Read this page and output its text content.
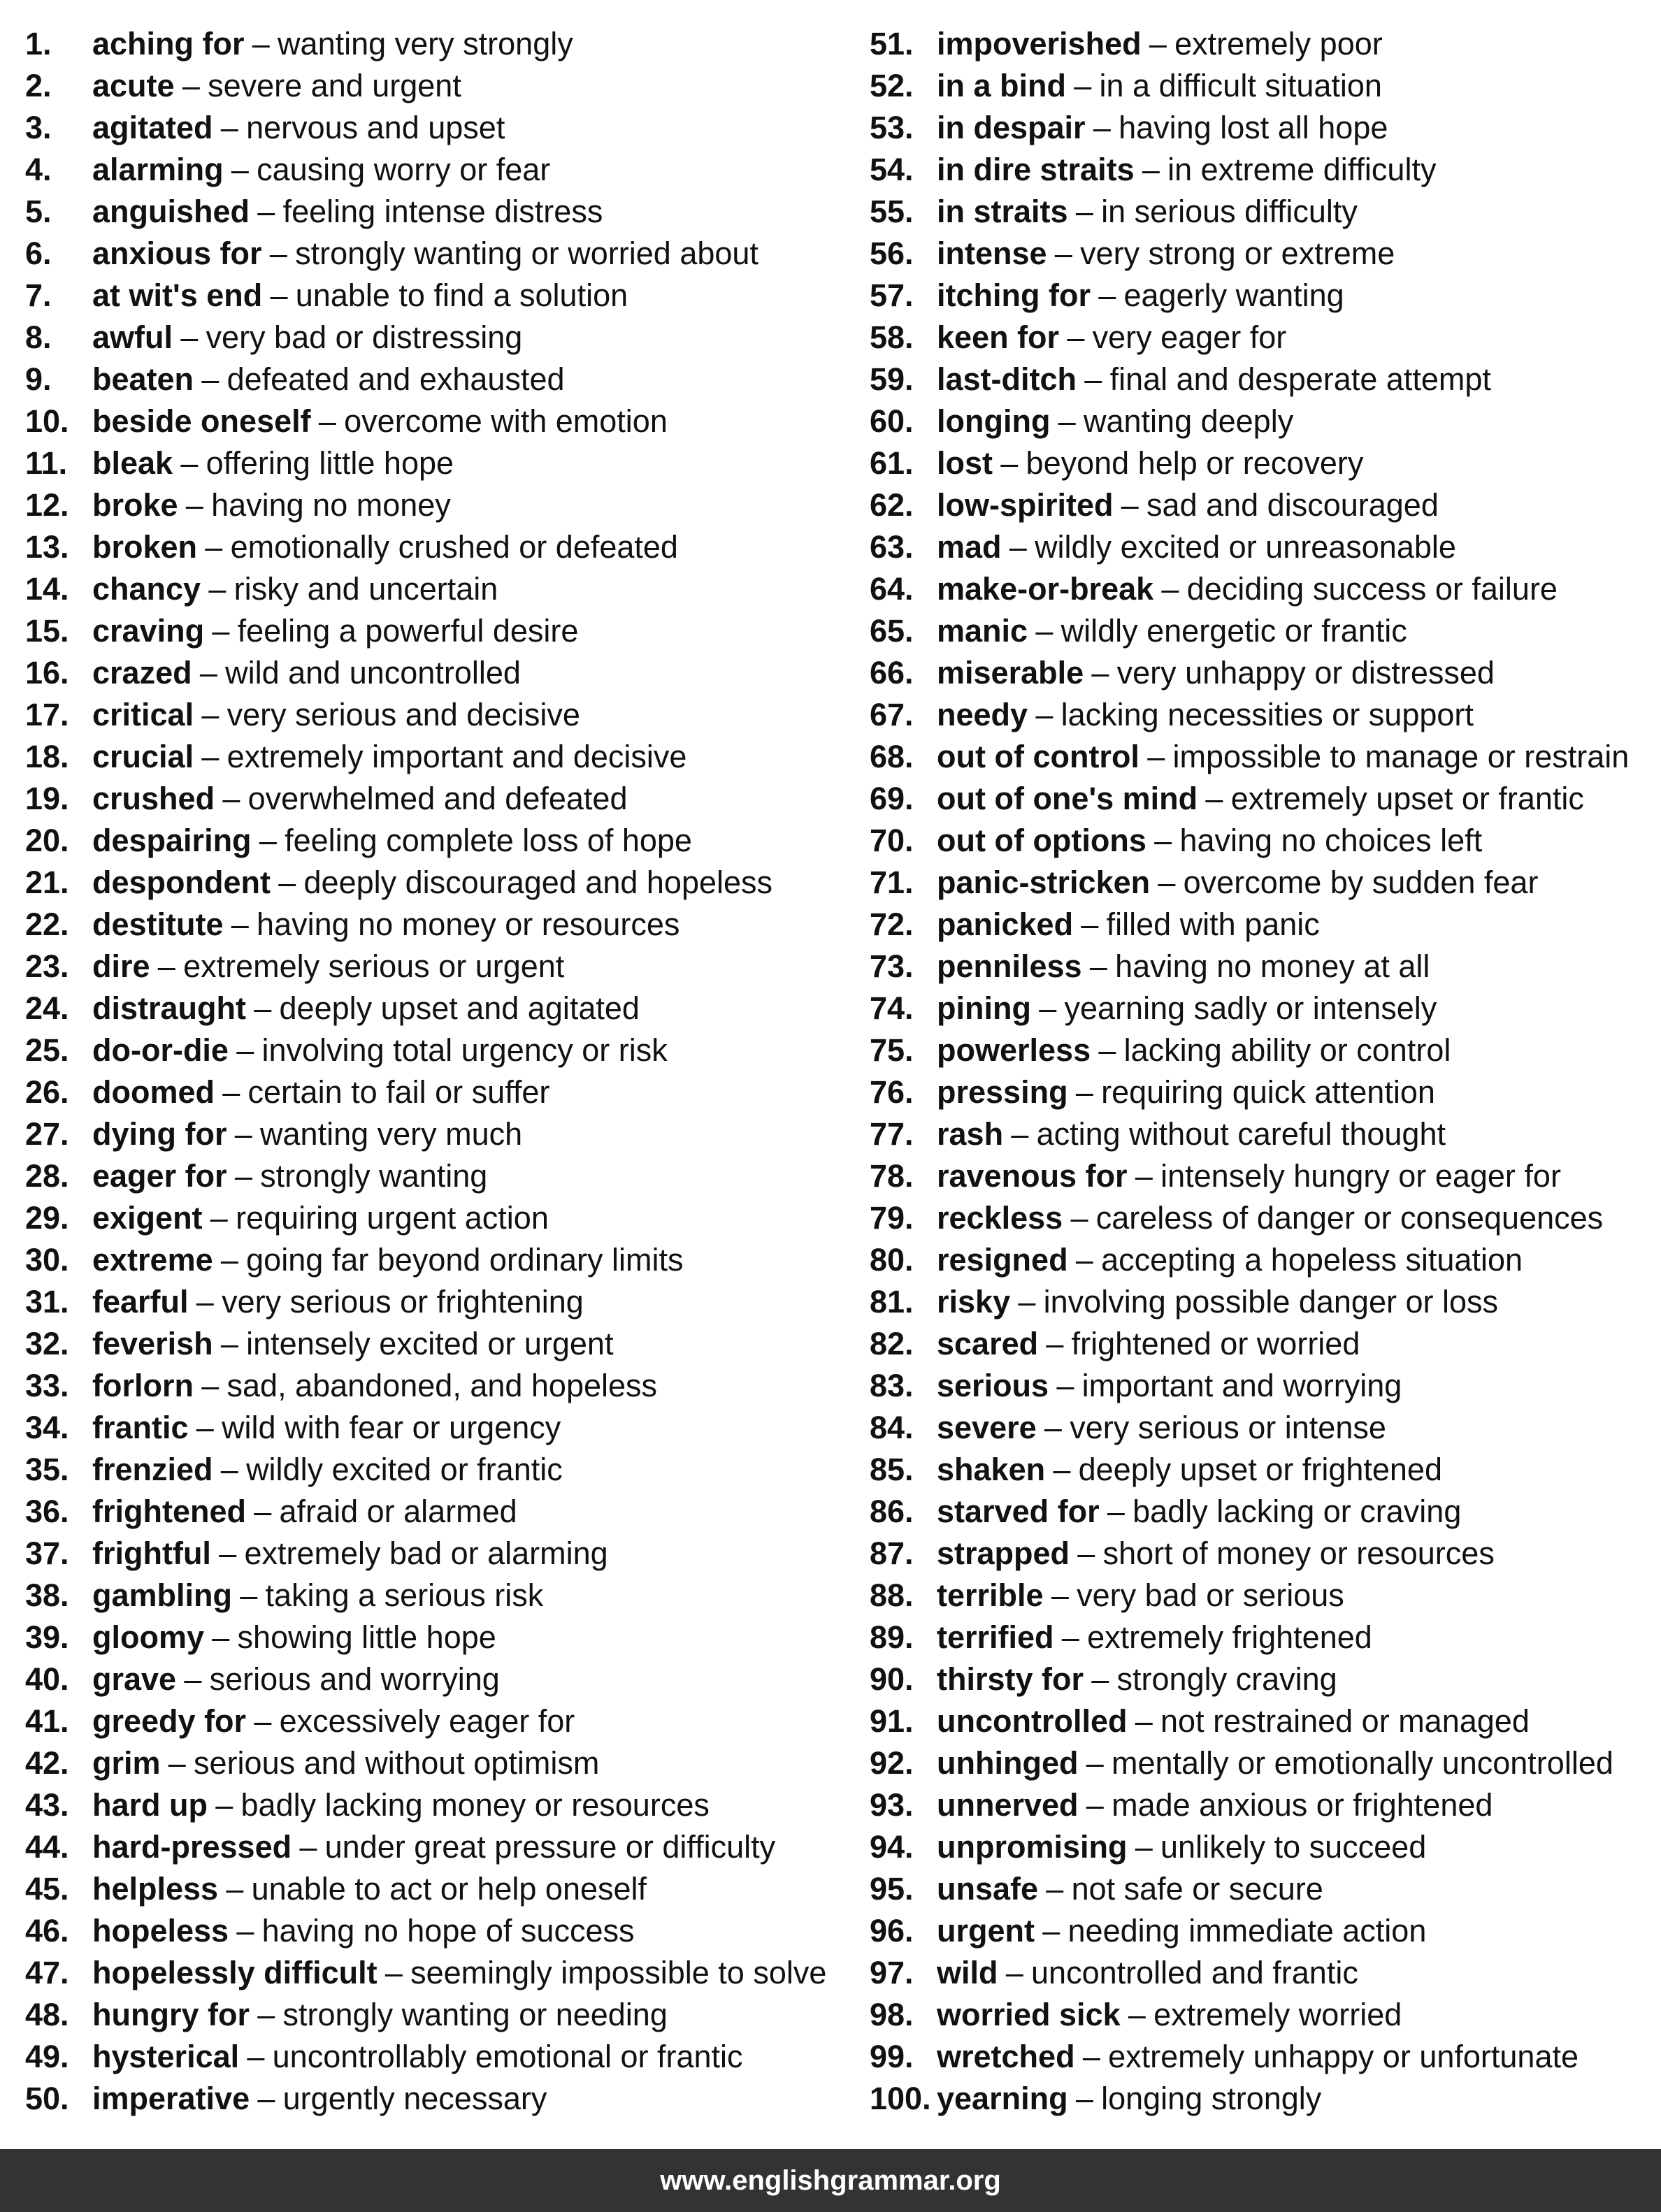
1.	aching for – wanting very strongly
2.	acute – severe and urgent
3.	agitated – nervous and upset
4.	alarming – causing worry or fear
5.	anguished – feeling intense distress
6.	anxious for – strongly wanting or worried about
7.	at wit's end – unable to find a solution
8.	awful – very bad or distressing
9.	beaten – defeated and exhausted
10. beside oneself – overcome with emotion
11. bleak – offering little hope
12. broke – having no money
13. broken – emotionally crushed or defeated
14. chancy – risky and uncertain
15. craving – feeling a powerful desire
16. crazed – wild and uncontrolled
17. critical – very serious and decisive
18. crucial – extremely important and decisive
19. crushed – overwhelmed and defeated
20. despairing – feeling complete loss of hope
21. despondent – deeply discouraged and hopeless
22. destitute – having no money or resources
23. dire – extremely serious or urgent
24. distraught – deeply upset and agitated
25. do-or-die – involving total urgency or risk
26. doomed – certain to fail or suffer
27. dying for – wanting very much
28. eager for – strongly wanting
29. exigent – requiring urgent action
30. extreme – going far beyond ordinary limits
31. fearful – very serious or frightening
32. feverish – intensely excited or urgent
33. forlorn – sad, abandoned, and hopeless
34. frantic – wild with fear or urgency
35. frenzied – wildly excited or frantic
36. frightened – afraid or alarmed
37. frightful – extremely bad or alarming
38. gambling – taking a serious risk
39. gloomy – showing little hope
40. grave – serious and worrying
41. greedy for – excessively eager for
42. grim – serious and without optimism
43. hard up – badly lacking money or resources
44. hard-pressed – under great pressure or difficulty
45. helpless – unable to act or help oneself
46. hopeless – having no hope of success
47. hopelessly difficult – seemingly impossible to solve
48. hungry for – strongly wanting or needing
49. hysterical – uncontrollably emotional or frantic
50. imperative – urgently necessary
51. impoverished – extremely poor
52. in a bind – in a difficult situation
53. in despair – having lost all hope
54. in dire straits – in extreme difficulty
55. in straits – in serious difficulty
56. intense – very strong or extreme
57. itching for – eagerly wanting
58. keen for – very eager for
59. last-ditch – final and desperate attempt
60. longing – wanting deeply
61. lost – beyond help or recovery
62. low-spirited – sad and discouraged
63. mad – wildly excited or unreasonable
64. make-or-break – deciding success or failure
65. manic – wildly energetic or frantic
66. miserable – very unhappy or distressed
67. needy – lacking necessities or support
68. out of control – impossible to manage or restrain
69. out of one's mind – extremely upset or frantic
70. out of options – having no choices left
71. panic-stricken – overcome by sudden fear
72. panicked – filled with panic
73. penniless – having no money at all
74. pining – yearning sadly or intensely
75. powerless – lacking ability or control
76. pressing – requiring quick attention
77. rash – acting without careful thought
78. ravenous for – intensely hungry or eager for
79. reckless – careless of danger or consequences
80. resigned – accepting a hopeless situation
81. risky – involving possible danger or loss
82. scared – frightened or worried
83. serious – important and worrying
84. severe – very serious or intense
85. shaken – deeply upset or frightened
86. starved for – badly lacking or craving
87. strapped – short of money or resources
88. terrible – very bad or serious
89. terrified – extremely frightened
90. thirsty for – strongly craving
91. uncontrolled – not restrained or managed
92. unhinged – mentally or emotionally uncontrolled
93. unnerved – made anxious or frightened
94. unpromising – unlikely to succeed
95. unsafe – not safe or secure
96. urgent – needing immediate action
97. wild – uncontrolled and frantic
98. worried sick – extremely worried
99. wretched – extremely unhappy or unfortunate
100. yearning – longing strongly
www.englishgrammar.org
